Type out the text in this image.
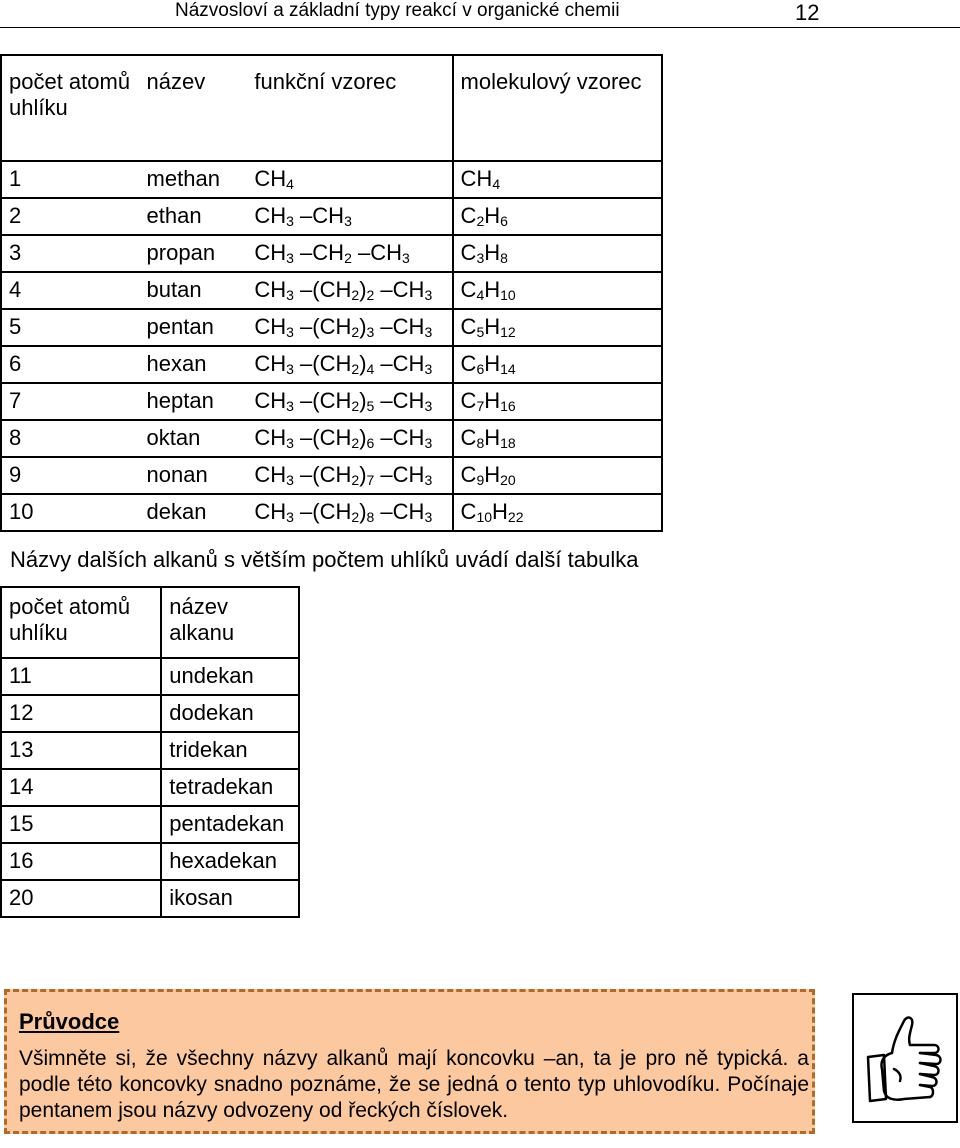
Názvosloví a základní typy reakcí v organické chemii	12
počet atomů uhlíku	název	funkční vzorec	molekulový vzorec
1	methan	$CH_4$	$CH_4$
2	ethan	$CH_3$ $-CH_3$	$C_2H_6$
3	propan	$CH_3$ $-CH_2$ $-CH_3$	$C_3H_8$
4	butan	$CH_3$ $-(CH_2)_2$ $-CH_3$	$C_4H_{10}$
5	pentan	$CH_3$ $-(CH_2)_3$ $-CH_3$	$C_5H_{12}$
6	hexan	$CH_3$ $-(CH_2)_4$ $-CH_3$	$C_6H_{14}$
7	heptan	$CH_3$ $-(CH_2)_5$ $-CH_3$	$C_7H_{16}$
8	oktan	$CH_3$ $-(CH_2)_6$ $-CH_3$	$C_8H_{18}$
9	nonan	$CH_3$ $-(CH_2)_7$ $-CH_3$	$C_9H_{20}$
10	dekan	$CH_3$ $-(CH_2)_8$ $-CH_3$	$C_{10}H_{22}$
Názvy dalších alkanů s větším počtem uhlíků uvádí další tabulka
počet atomů uhlíku	název alkanu
11	undekan
12	dodekan
13	tridekan
14	tetradekan
15	pentadekan
16	hexadekan
20	ikosan
Průvodce
Všimněte si, že všechny názvy alkanů mají koncovku –an, ta je pro ně typická. a podle této koncovky snadno poznáme, že se jedná o tento typ uhlovodíku. Počínaje pentanem jsou názvy odvozeny od řeckých číslovek.
